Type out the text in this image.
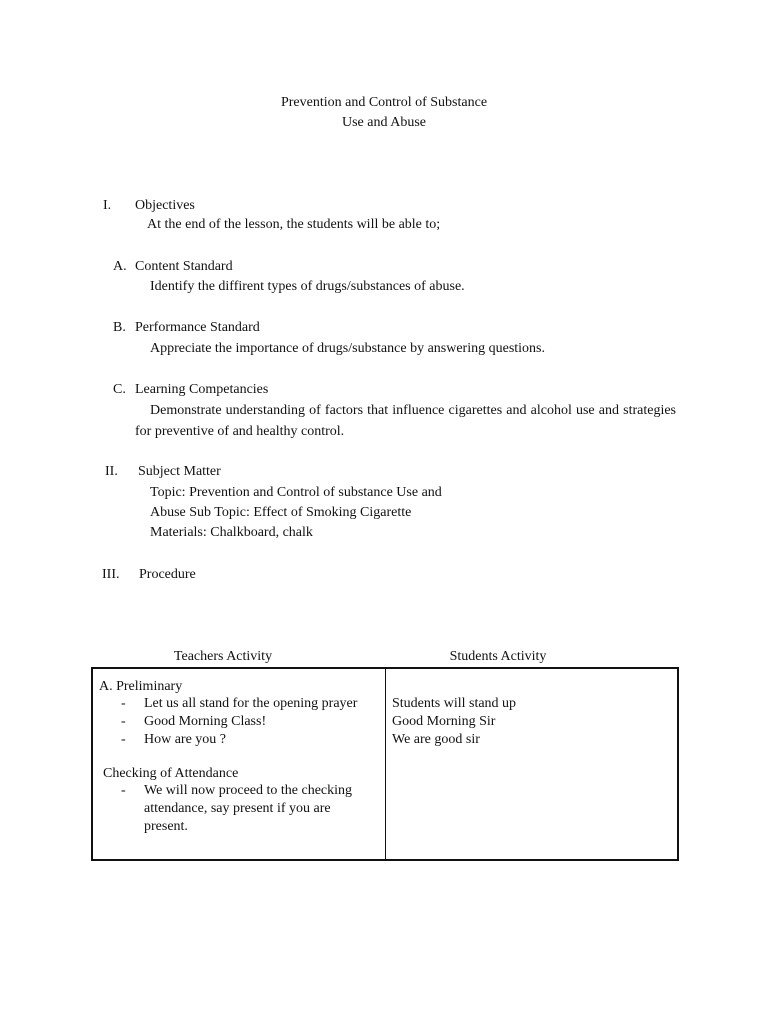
Prevention and Control of Substance
Use and Abuse
I. Objectives
At the end of the lesson, the students will be able to;
A. Content Standard
Identify the diffirent types of drugs/substances of abuse.
B. Performance Standard
Appreciate the importance of drugs/substance by answering questions.
C. Learning Competancies
Demonstrate understanding of factors that influence cigarettes and alcohol use and strategies for preventive of and healthy control.
II. Subject Matter
Topic: Prevention and Control of substance Use and
Abuse Sub Topic: Effect of Smoking Cigarette
Materials: Chalkboard, chalk
III. Procedure
Teachers Activity	Students Activity
A. Preliminary
- Let us all stand for the opening prayer
- Good Morning Class!
- How are you ?
Checking of Attendance
- We will now proceed to the checking attendance, say present if you are present.
Students will stand up
Good Morning Sir
We are good sir
